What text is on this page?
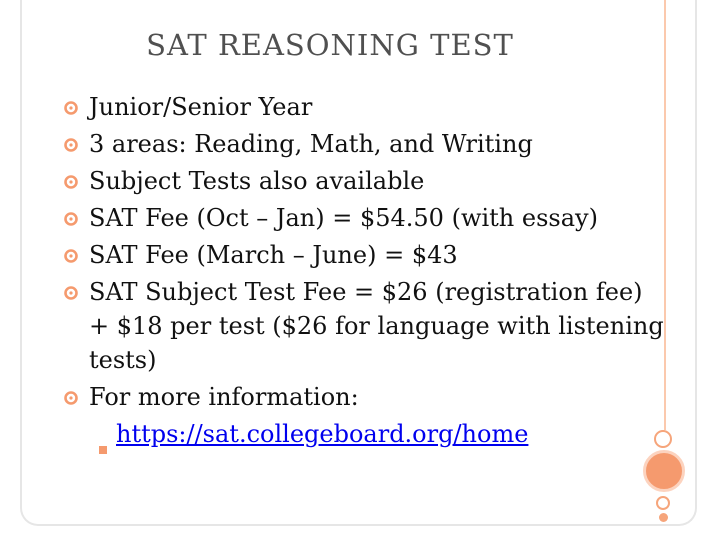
SAT REASONING TEST
Junior/Senior Year
3 areas: Reading, Math, and Writing
Subject Tests also available
SAT Fee (Oct – Jan) = $54.50 (with essay)
SAT Fee (March – June) = $43
SAT Subject Test Fee = $26 (registration fee) + $18 per test ($26 for language with listening tests)
For more information:
https://sat.collegeboard.org/home
